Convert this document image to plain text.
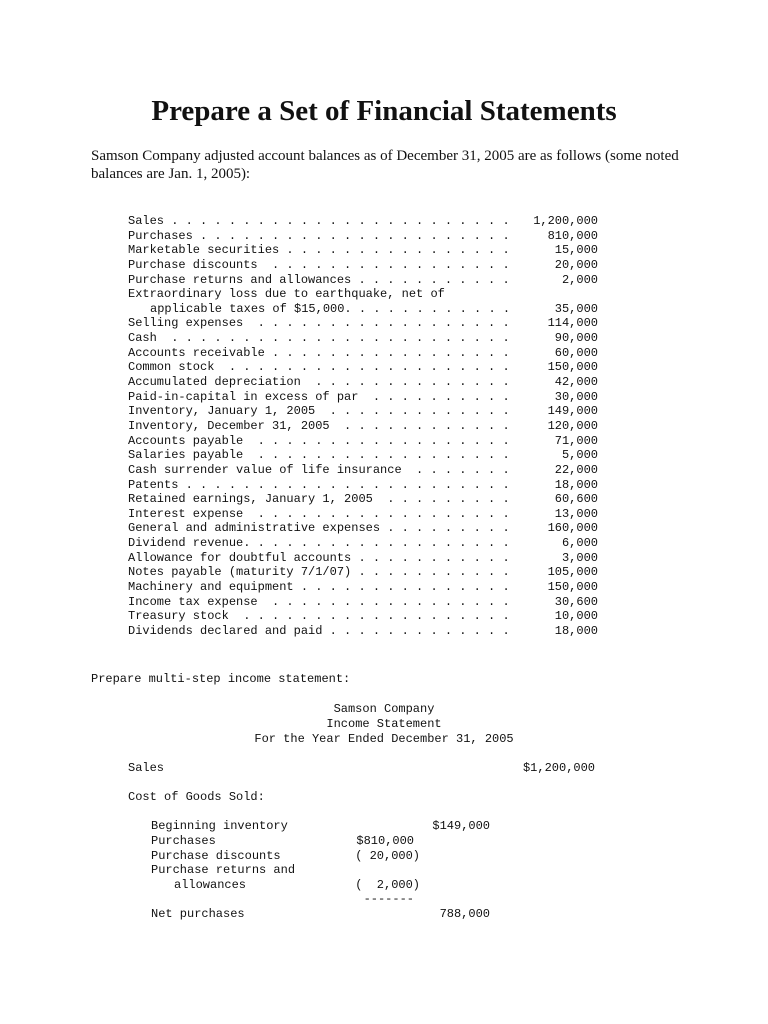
Prepare a Set of Financial Statements
Samson Company adjusted account balances as of December 31, 2005 are as follows (some noted balances are Jan. 1, 2005):
Sales . . . . . . . . . . . . . . . . . . . . . . . . 1,200,000
Purchases . . . . . . . . . . . . . . . . . . . . . .	810,000
Marketable securities . . . . . . . . . . . . . . . .	15,000
Purchase discounts  . . . . . . . . . . . . . . . . .	20,000
Purchase returns and allowances . . . . . . . . . . .	2,000
Extraordinary loss due to earthquake, net of
applicable taxes of $15,000. . . . . . . . . . . .	35,000
Selling expenses  . . . . . . . . . . . . . . . . . .	114,000
Cash  . . . . . . . . . . . . . . . . . . . . . . . .	90,000
Accounts receivable . . . . . . . . . . . . . . . . .	60,000
Common stock  . . . . . . . . . . . . . . . . . . . .	150,000
Accumulated depreciation  . . . . . . . . . . . . . .	42,000
Paid-in-capital in excess of par  . . . . . . . . . .	30,000
Inventory, January 1, 2005  . . . . . . . . . . . . .	149,000
Inventory, December 31, 2005  . . . . . . . . . . . .	120,000
Accounts payable  . . . . . . . . . . . . . . . . . .	71,000
Salaries payable  . . . . . . . . . . . . . . . . . .	5,000
Cash surrender value of life insurance  . . . . . . .	22,000
Patents . . . . . . . . . . . . . . . . . . . . . . .	18,000
Retained earnings, January 1, 2005  . . . . . . . . .	60,600
Interest expense  . . . . . . . . . . . . . . . . . .	13,000
General and administrative expenses . . . . . . . . .	160,000
Dividend revenue. . . . . . . . . . . . . . . . . . .	6,000
Allowance for doubtful accounts . . . . . . . . . . .	3,000
Notes payable (maturity 7/1/07) . . . . . . . . . . .	105,000
Machinery and equipment . . . . . . . . . . . . . . .	150,000
Income tax expense  . . . . . . . . . . . . . . . . .	30,600
Treasury stock  . . . . . . . . . . . . . . . . . . .	10,000
Dividends declared and paid . . . . . . . . . . . . .	18,000
Prepare multi-step income statement:
Samson Company
Income Statement
For the Year Ended December 31, 2005
Sales	$1,200,000
Cost of Goods Sold:
Beginning inventory	$149,000
Purchases	$810,000
Purchase discounts	( 20,000)
Purchase returns and
allowances	(  2,000)
-------
Net purchases	788,000
